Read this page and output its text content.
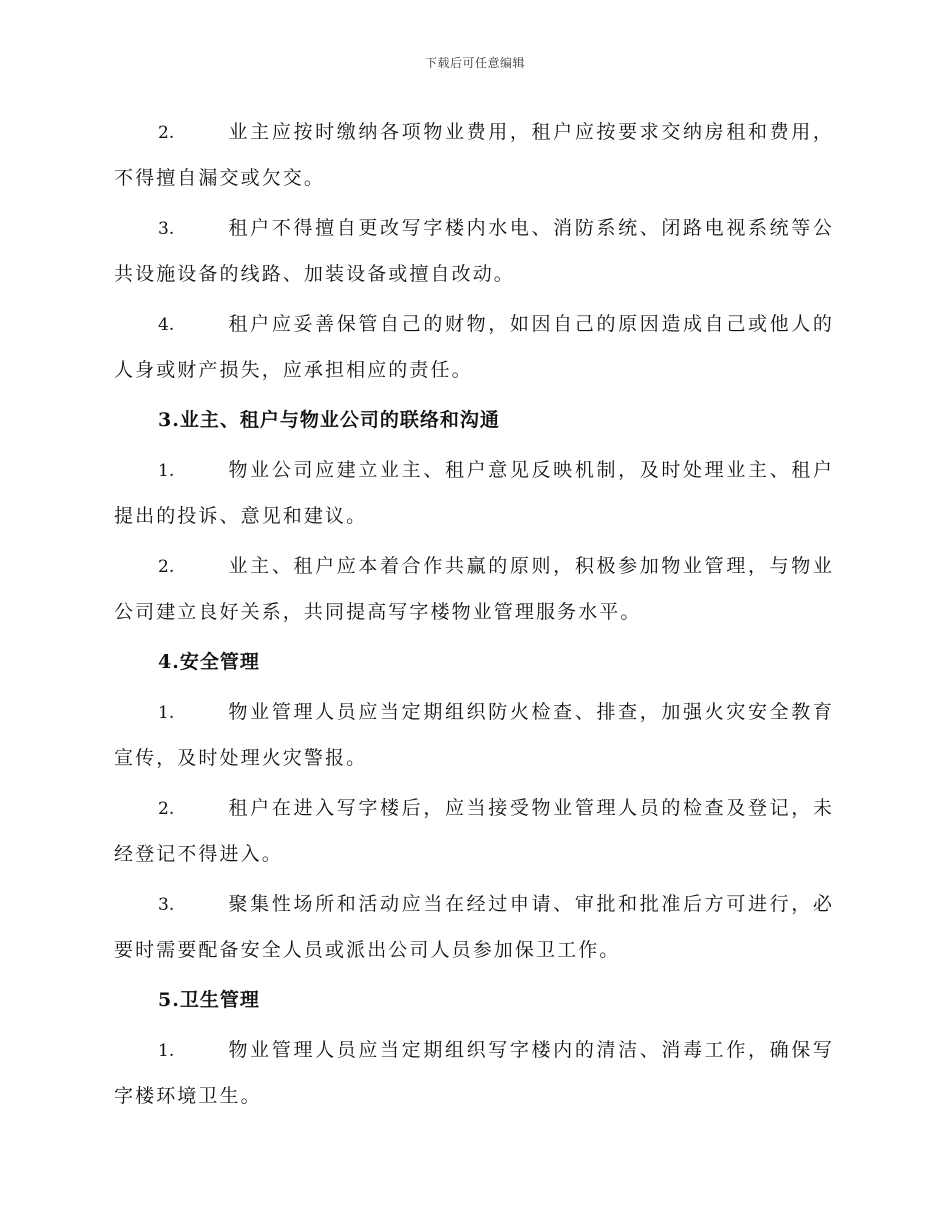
下载后可任意编辑

2.	业主应按时缴纳各项物业费用，租户应按要求交纳房租和费用，不得擅自漏交或欠交。

3.	租户不得擅自更改写字楼内水电、消防系统、闭路电视系统等公共设施设备的线路、加装设备或擅自改动。

4.	租户应妥善保管自己的财物，如因自己的原因造成自己或他人的人身或财产损失，应承担相应的责任。

3.业主、租户与物业公司的联络和沟通

1.	物业公司应建立业主、租户意见反映机制，及时处理业主、租户提出的投诉、意见和建议。

2.	业主、租户应本着合作共赢的原则，积极参加物业管理，与物业公司建立良好关系，共同提高写字楼物业管理服务水平。

4.安全管理

1.	物业管理人员应当定期组织防火检查、排查，加强火灾安全教育宣传，及时处理火灾警报。

2.	租户在进入写字楼后，应当接受物业管理人员的检查及登记，未经登记不得进入。

3.	聚集性场所和活动应当在经过申请、审批和批准后方可进行，必要时需要配备安全人员或派出公司人员参加保卫工作。

5.卫生管理

1.	物业管理人员应当定期组织写字楼内的清洁、消毒工作，确保写字楼环境卫生。
